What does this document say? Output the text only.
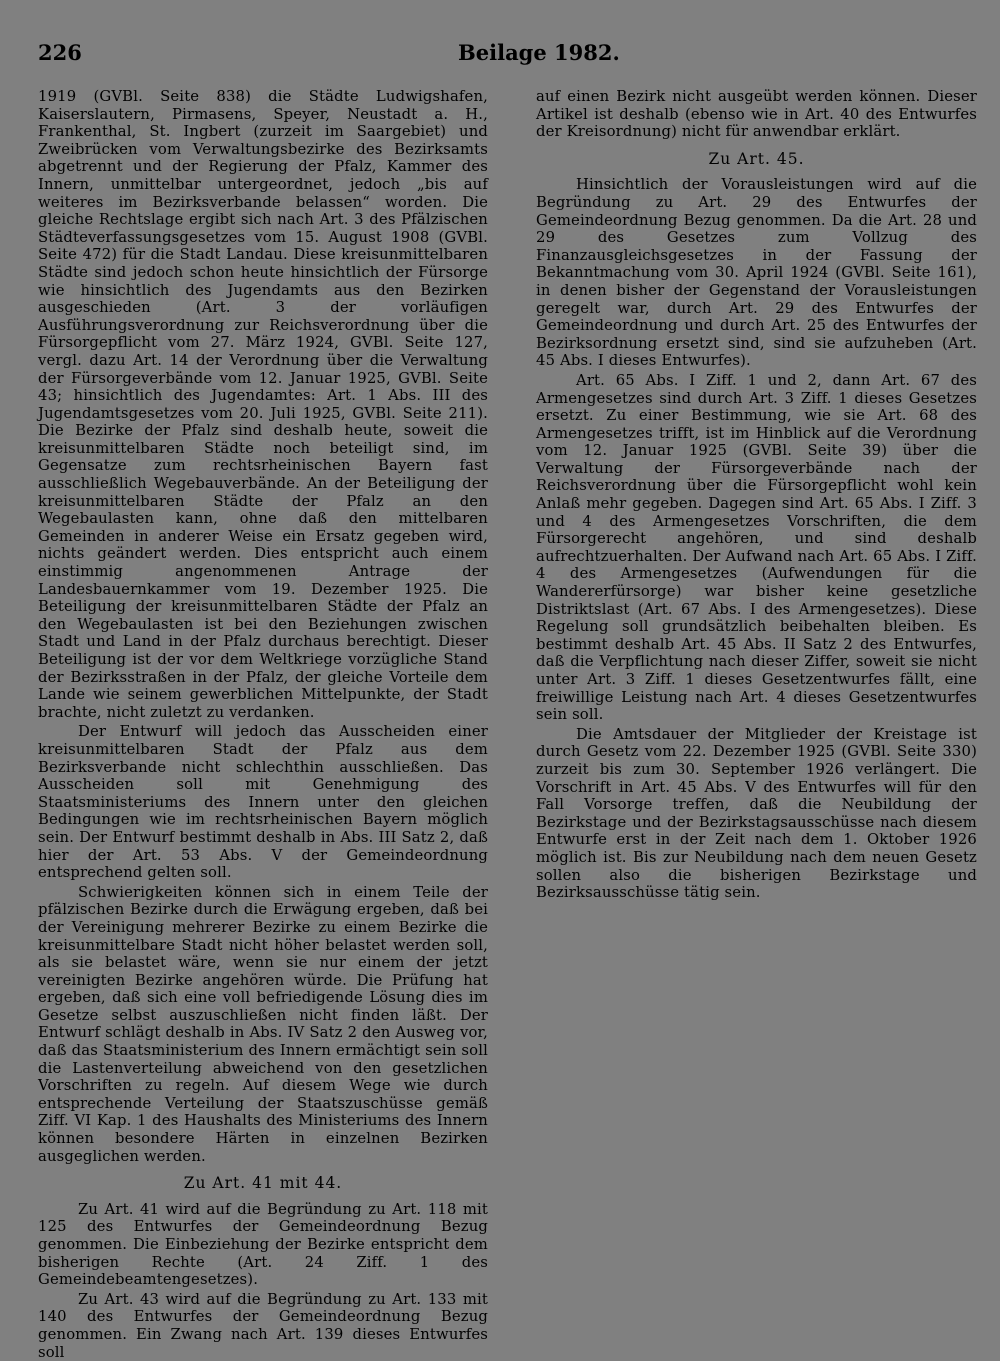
226	Beilage 1982.

1919 (GVBl. Seite 838) die Städte Ludwigshafen, Kaiserslautern, Pirmasens, Speyer, Neustadt a. H., Frankenthal, St. Ingbert (zurzeit im Saargebiet) und Zweibrücken vom Verwaltungsbezirke des Bezirksamts abgetrennt und der Regierung der Pfalz, Kammer des Innern, unmittelbar untergeordnet, jedoch „bis auf weiteres im Bezirksverbande belassen“ worden. Die gleiche Rechtslage ergibt sich nach Art. 3 des Pfälzischen Städteverfassungsgesetzes vom 15. August 1908 (GVBl. Seite 472) für die Stadt Landau. Diese kreisunmittelbaren Städte sind jedoch schon heute hinsichtlich der Fürsorge wie hinsichtlich des Jugendamts aus den Bezirken ausgeschieden (Art. 3 der vorläufigen Ausführungsverordnung zur Reichsverordnung über die Fürsorgepflicht vom 27. März 1924, GVBl. Seite 127, vergl. dazu Art. 14 der Verordnung über die Verwaltung der Fürsorgeverbände vom 12. Januar 1925, GVBl. Seite 43; hinsichtlich des Jugendamtes: Art. 1 Abs. III des Jugendamtsgesetzes vom 20. Juli 1925, GVBl. Seite 211). Die Bezirke der Pfalz sind deshalb heute, soweit die kreisunmittelbaren Städte noch beteiligt sind, im Gegensatze zum rechtsrheinischen Bayern fast ausschließlich Wegebauverbände. An der Beteiligung der kreisunmittelbaren Städte der Pfalz an den Wegebaulasten kann, ohne daß den mittelbaren Gemeinden in anderer Weise ein Ersatz gegeben wird, nichts geändert werden. Dies entspricht auch einem einstimmig angenommenen Antrage der Landesbauernkammer vom 19. Dezember 1925. Die Beteiligung der kreisunmittelbaren Städte der Pfalz an den Wegebaulasten ist bei den Beziehungen zwischen Stadt und Land in der Pfalz durchaus berechtigt. Dieser Beteiligung ist der vor dem Weltkriege vorzügliche Stand der Bezirksstraßen in der Pfalz, der gleiche Vorteile dem Lande wie seinem gewerblichen Mittelpunkte, der Stadt brachte, nicht zuletzt zu verdanken.

Der Entwurf will jedoch das Ausscheiden einer kreisunmittelbaren Stadt der Pfalz aus dem Bezirksverbande nicht schlechthin ausschließen. Das Ausscheiden soll mit Genehmigung des Staatsministeriums des Innern unter den gleichen Bedingungen wie im rechtsrheinischen Bayern möglich sein. Der Entwurf bestimmt deshalb in Abs. III Satz 2, daß hier der Art. 53 Abs. V der Gemeindeordnung entsprechend gelten soll.

Schwierigkeiten können sich in einem Teile der pfälzischen Bezirke durch die Erwägung ergeben, daß bei der Vereinigung mehrerer Bezirke zu einem Bezirke die kreisunmittelbare Stadt nicht höher belastet werden soll, als sie belastet wäre, wenn sie nur einem der jetzt vereinigten Bezirke angehören würde. Die Prüfung hat ergeben, daß sich eine voll befriedigende Lösung dies im Gesetze selbst auszuschließen nicht finden läßt. Der Entwurf schlägt deshalb in Abs. IV Satz 2 den Ausweg vor, daß das Staatsministerium des Innern ermächtigt sein soll die Lastenverteilung abweichend von den gesetzlichen Vorschriften zu regeln. Auf diesem Wege wie durch entsprechende Verteilung der Staatszuschüsse gemäß Ziff. VI Kap. 1 des Haushalts des Ministeriums des Innern können besondere Härten in einzelnen Bezirken ausgeglichen werden.

Zu Art. 41 mit 44.

Zu Art. 41 wird auf die Begründung zu Art. 118 mit 125 des Entwurfes der Gemeindeordnung Bezug genommen. Die Einbeziehung der Bezirke entspricht dem bisherigen Rechte (Art. 24 Ziff. 1 des Gemeindebeamtengesetzes).

Zu Art. 43 wird auf die Begründung zu Art. 133 mit 140 des Entwurfes der Gemeindeordnung Bezug genommen. Ein Zwang nach Art. 139 dieses Entwurfes soll

auf einen Bezirk nicht ausgeübt werden können. Dieser Artikel ist deshalb (ebenso wie in Art. 40 des Entwurfes der Kreisordnung) nicht für anwendbar erklärt.

Zu Art. 45.

Hinsichtlich der Vorausleistungen wird auf die Begründung zu Art. 29 des Entwurfes der Gemeindeordnung Bezug genommen. Da die Art. 28 und 29 des Gesetzes zum Vollzug des Finanzausgleichsgesetzes in der Fassung der Bekanntmachung vom 30. April 1924 (GVBl. Seite 161), in denen bisher der Gegenstand der Vorausleistungen geregelt war, durch Art. 29 des Entwurfes der Gemeindeordnung und durch Art. 25 des Entwurfes der Bezirksordnung ersetzt sind, sind sie aufzuheben (Art. 45 Abs. I dieses Entwurfes).

Art. 65 Abs. I Ziff. 1 und 2, dann Art. 67 des Armengesetzes sind durch Art. 3 Ziff. 1 dieses Gesetzes ersetzt. Zu einer Bestimmung, wie sie Art. 68 des Armengesetzes trifft, ist im Hinblick auf die Verordnung vom 12. Januar 1925 (GVBl. Seite 39) über die Verwaltung der Fürsorgeverbände nach der Reichsverordnung über die Fürsorgepflicht wohl kein Anlaß mehr gegeben. Dagegen sind Art. 65 Abs. I Ziff. 3 und 4 des Armengesetzes Vorschriften, die dem Fürsorgerecht angehören, und sind deshalb aufrechtzuerhalten. Der Aufwand nach Art. 65 Abs. I Ziff. 4 des Armengesetzes (Aufwendungen für die Wandererfürsorge) war bisher keine gesetzliche Distriktslast (Art. 67 Abs. I des Armengesetzes). Diese Regelung soll grundsätzlich beibehalten bleiben. Es bestimmt deshalb Art. 45 Abs. II Satz 2 des Entwurfes, daß die Verpflichtung nach dieser Ziffer, soweit sie nicht unter Art. 3 Ziff. 1 dieses Gesetzentwurfes fällt, eine freiwillige Leistung nach Art. 4 dieses Gesetzentwurfes sein soll.

Die Amtsdauer der Mitglieder der Kreistage ist durch Gesetz vom 22. Dezember 1925 (GVBl. Seite 330) zurzeit bis zum 30. September 1926 verlängert. Die Vorschrift in Art. 45 Abs. V des Entwurfes will für den Fall Vorsorge treffen, daß die Neubildung der Bezirkstage und der Bezirkstagsausschüsse nach diesem Entwurfe erst in der Zeit nach dem 1. Oktober 1926 möglich ist. Bis zur Neubildung nach dem neuen Gesetz sollen also die bisherigen Bezirkstage und Bezirksausschüsse tätig sein.
